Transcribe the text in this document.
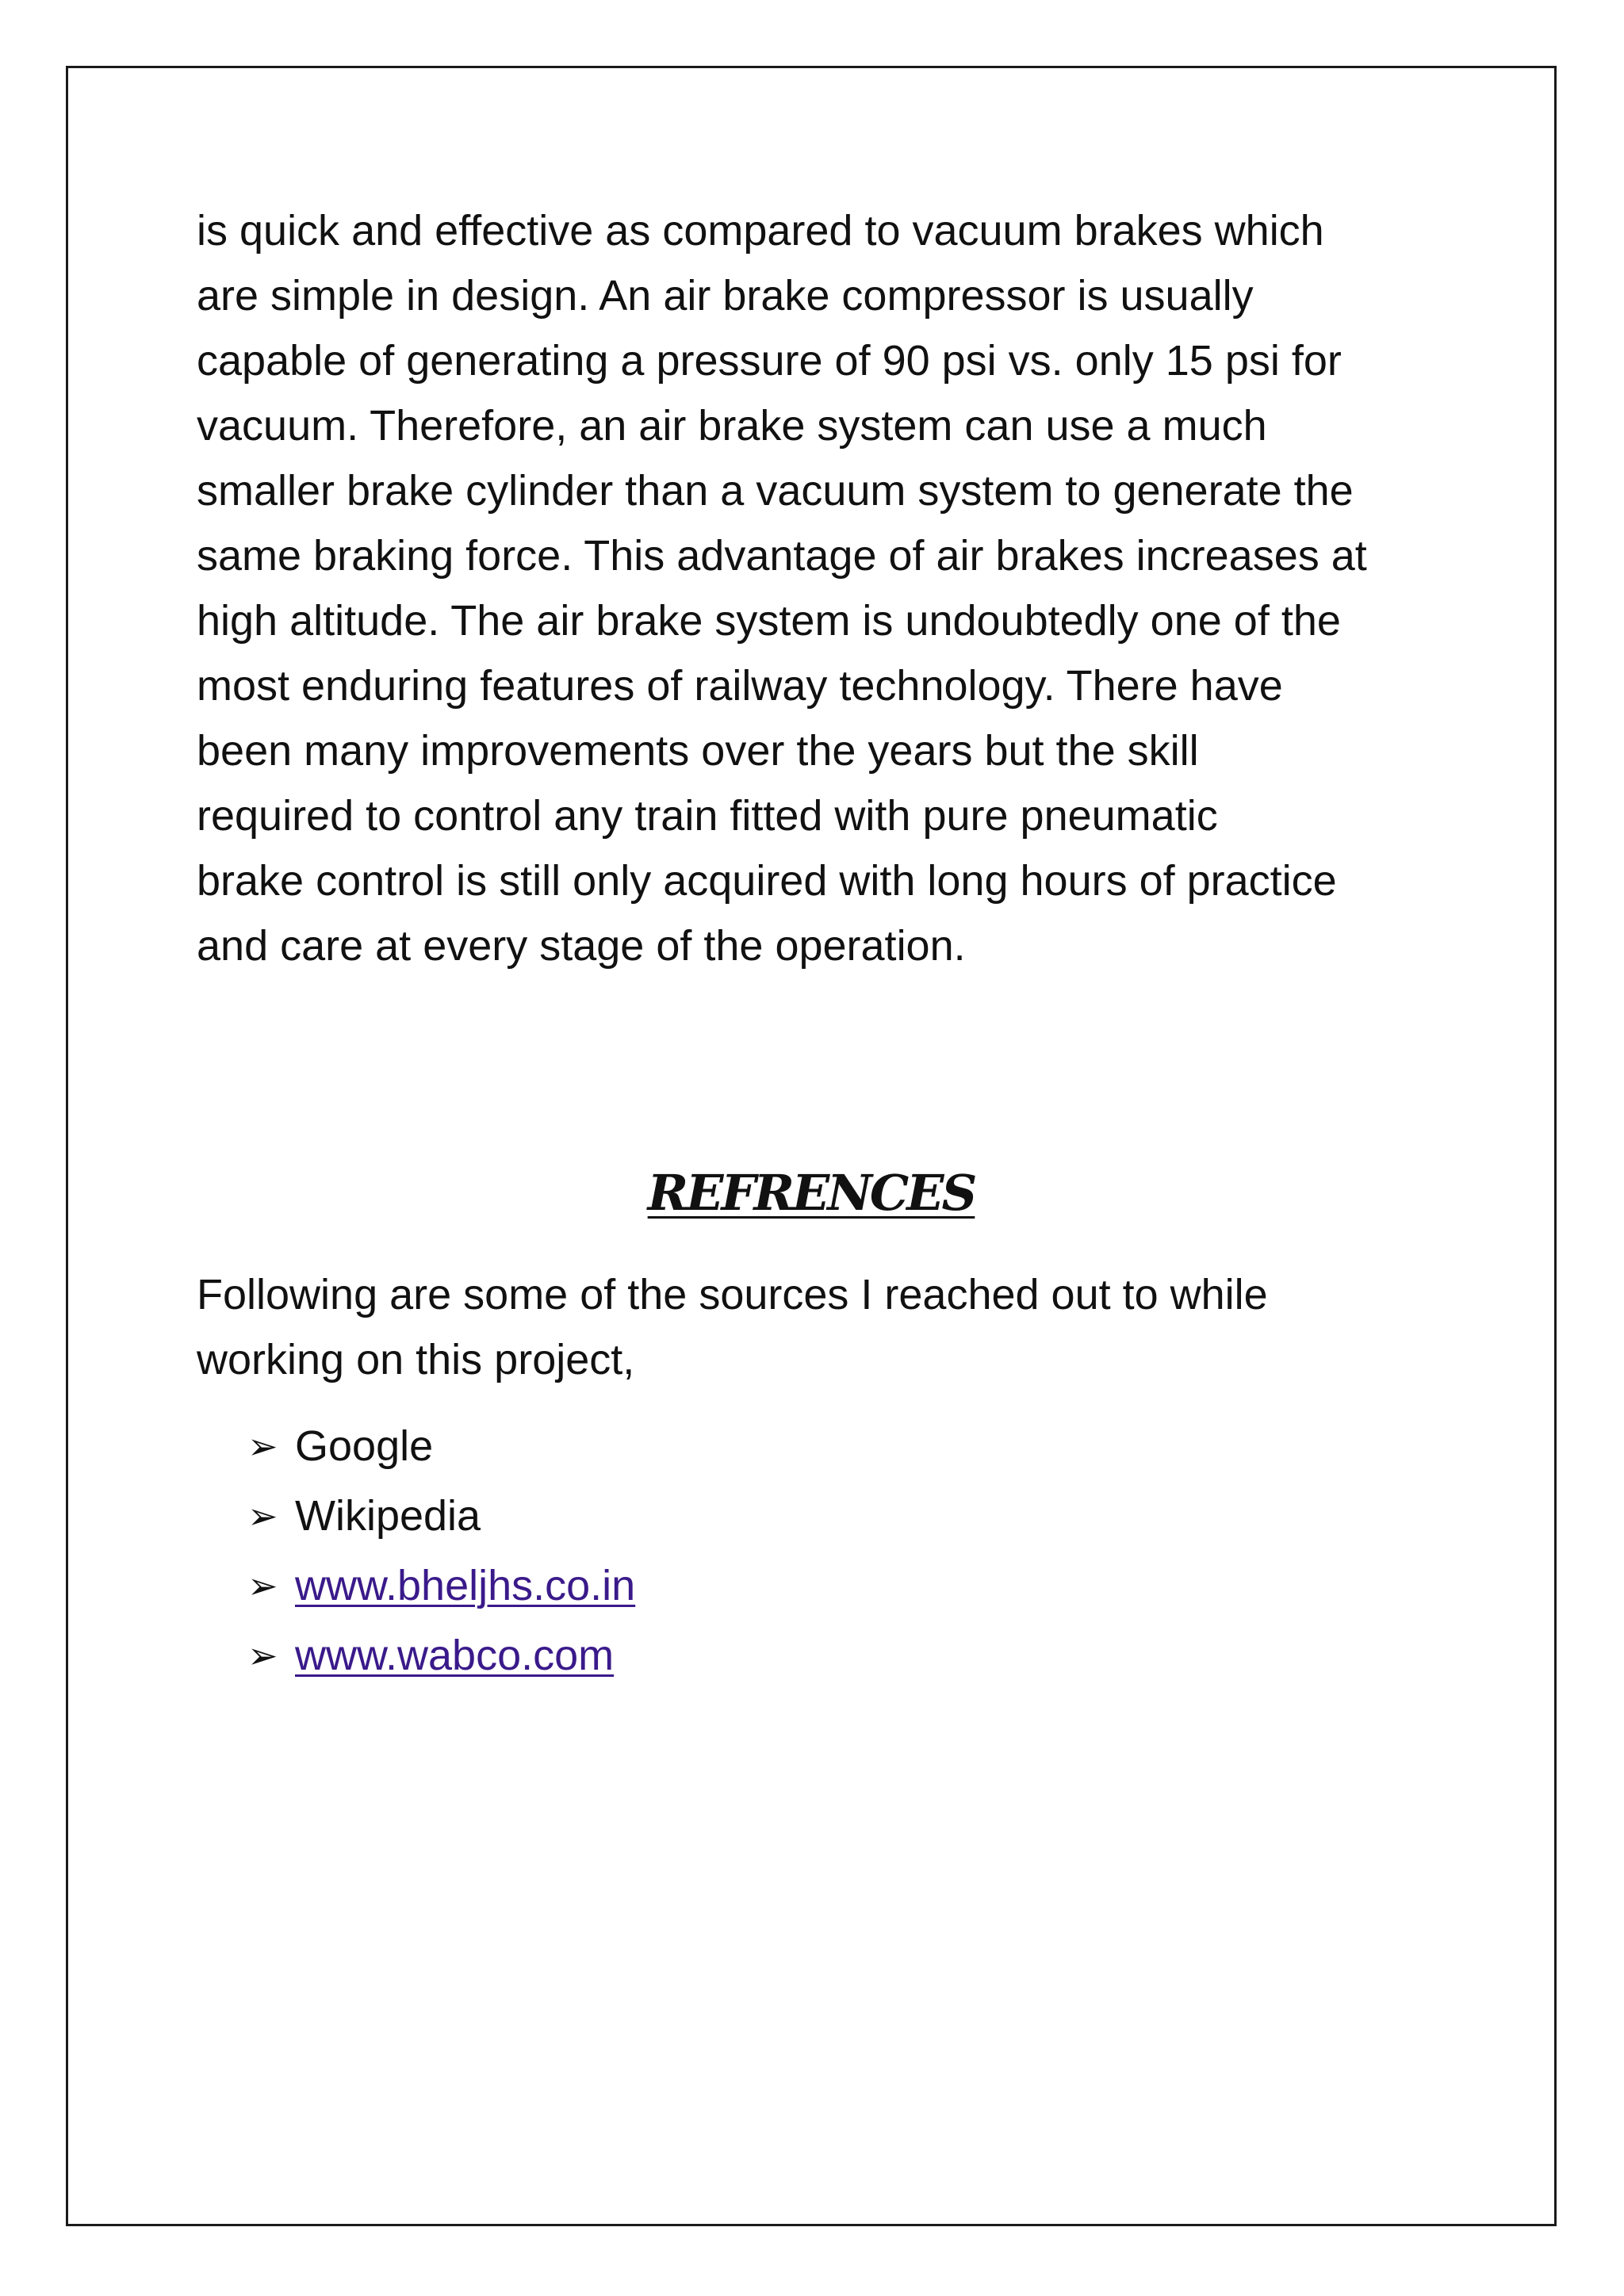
is quick and effective as compared to vacuum brakes which

are simple in design. An air brake compressor is usually

capable of generating a pressure of 90 psi vs. only 15 psi for

vacuum. Therefore, an air brake system can use a much

smaller brake cylinder than a vacuum system to generate the

same braking force. This advantage of air brakes increases at

high altitude. The air brake system is undoubtedly one of the

most enduring features of railway technology. There have

been many improvements over the years but the skill

required to control any train fitted with pure pneumatic

brake control is still only acquired with long hours of practice

and care at every stage of the operation.

REFRENCES

Following are some of the sources I reached out to while

working on this project,

➢ Google
➢ Wikipedia
➢ www.bheljhs.co.in
➢ www.wabco.com
